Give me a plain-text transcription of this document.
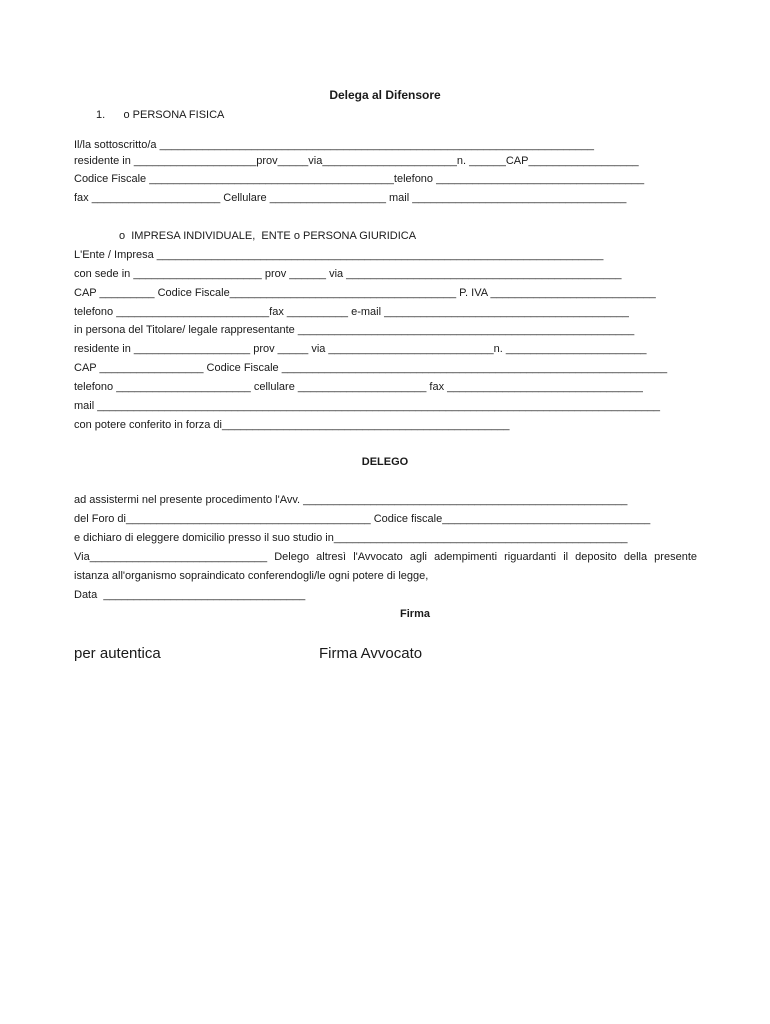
Delega al Difensore
1.      o PERSONA FISICA
Il/la sottoscritto/a _______________________________________________________________________
residente in ____________________prov_____via______________________n. ______CAP__________________
Codice Fiscale ________________________________________telefono __________________________________
fax _____________________ Cellulare ___________________ mail ___________________________________
o  IMPRESA INDIVIDUALE,  ENTE o PERSONA GIURIDICA
L'Ente / Impresa _________________________________________________________________________
con sede in _____________________ prov ______ via _____________________________________________
CAP _________ Codice Fiscale_____________________________________ P. IVA ___________________________
telefono _________________________fax __________ e-mail ________________________________________
in persona del Titolare/ legale rappresentante _______________________________________________________
residente in ___________________ prov _____ via ___________________________n. _______________________
CAP _________________ Codice Fiscale _______________________________________________________________
telefono ______________________ cellulare _____________________ fax ________________________________
mail ____________________________________________________________________________________________
con potere conferito in forza di_______________________________________________
DELEGO
ad assistermi nel presente procedimento l'Avv. _____________________________________________________
del Foro di________________________________________ Codice fiscale__________________________________
e dichiaro di eleggere domicilio presso il suo studio in________________________________________________
Via_____________________________ Delego altresì l'Avvocato agli adempimenti riguardanti il deposito della presente
istanza all'organismo sopraindicato conferendogli/le ogni potere di legge,
Data  _________________________________
Firma
per autentica	Firma Avvocato
